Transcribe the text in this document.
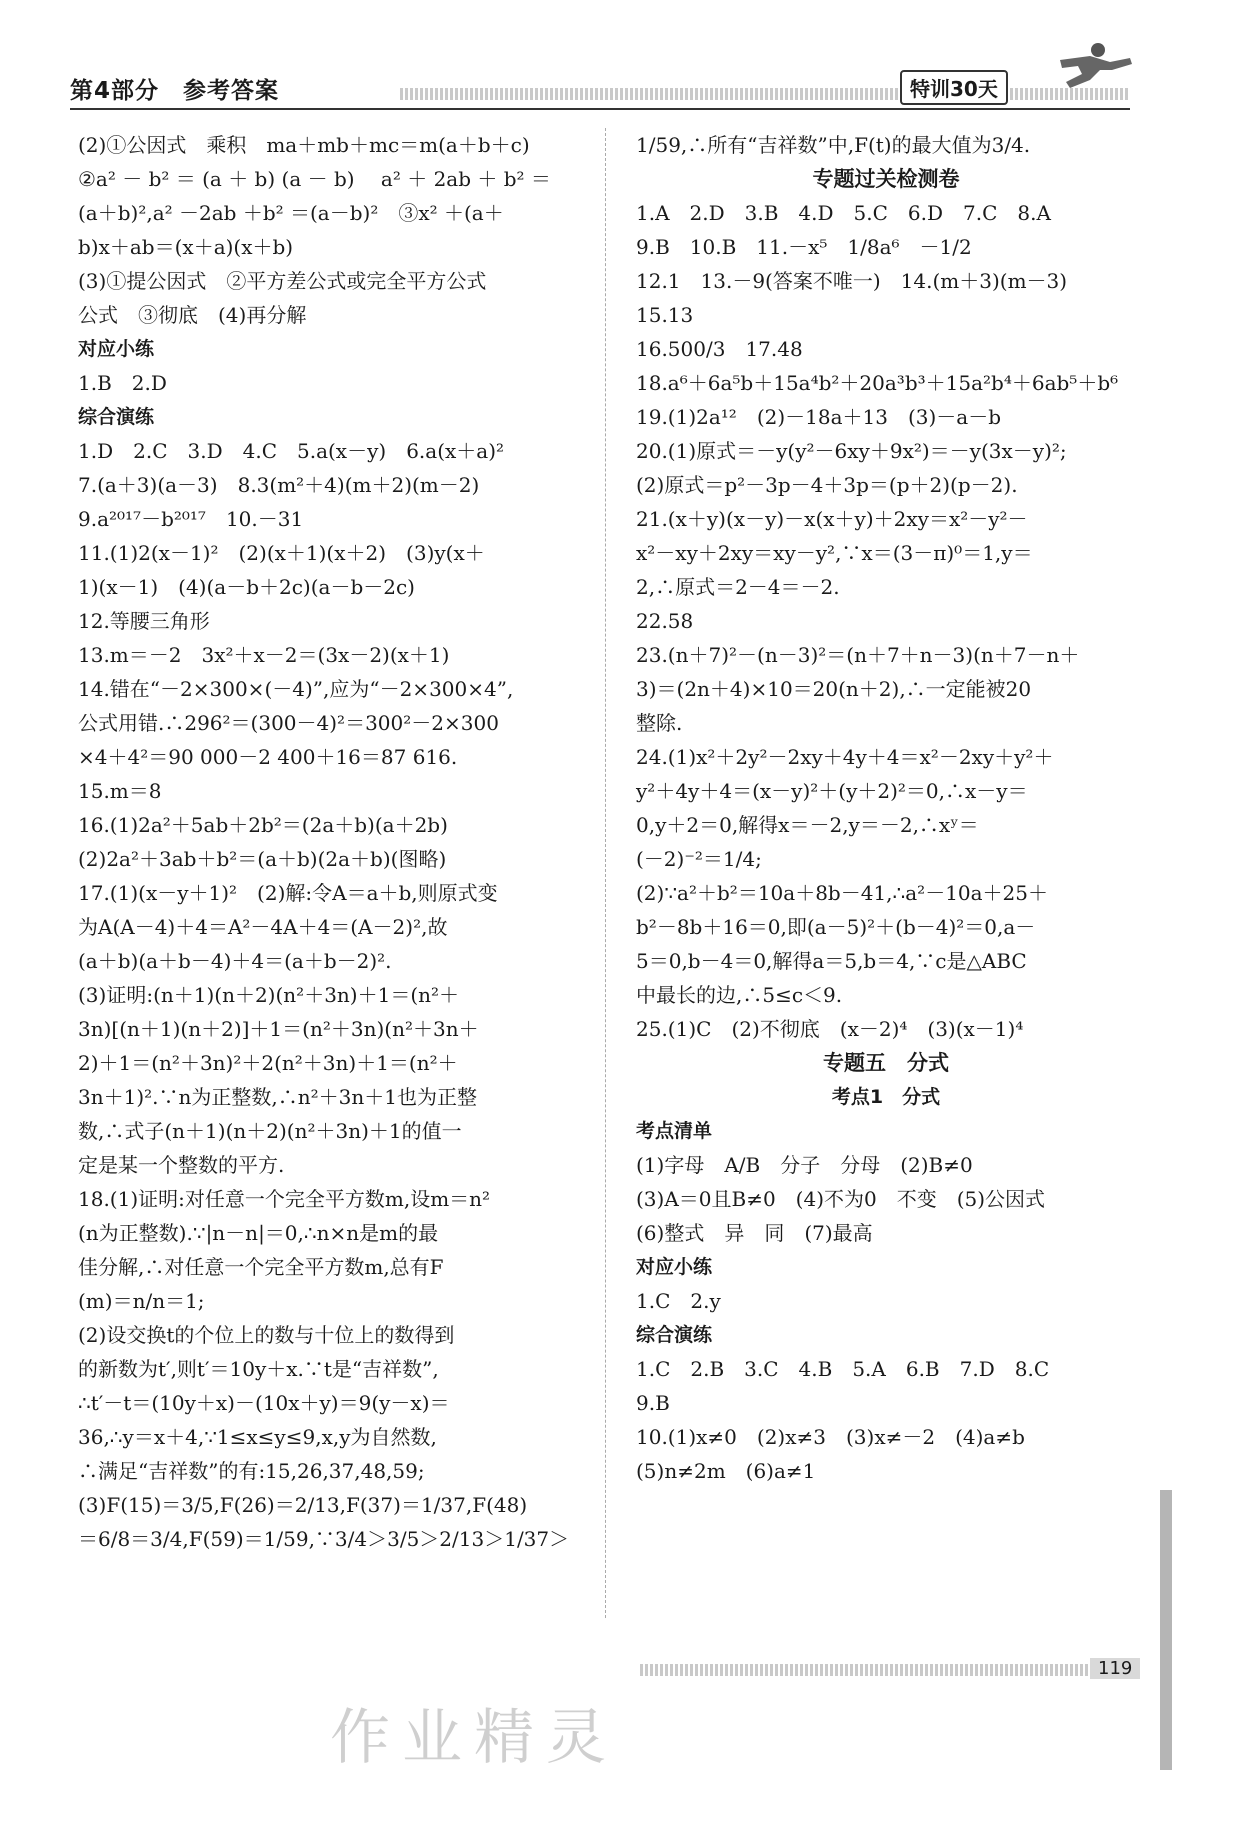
第4部分　参考答案	特训30天
(2)①公因式　乘积　ma＋mb＋mc＝m(a＋b＋c)
②a² － b² ＝ (a ＋ b) (a － b)　 a² ＋ 2ab ＋ b² ＝
(a＋b)²,a² －2ab ＋b² ＝(a－b)²　③x² ＋(a＋
b)x＋ab＝(x＋a)(x＋b)
(3)①提公因式　②平方差公式或完全平方公式
公式　③彻底　(4)再分解
对应小练
1.B　2.D
综合演练
1.D　2.C　3.D　4.C　5.a(x－y)　6.a(x＋a)²
7.(a＋3)(a－3)　8.3(m²＋4)(m＋2)(m－2)
9.a²⁰¹⁷－b²⁰¹⁷　10.－31
11.(1)2(x－1)²　(2)(x＋1)(x＋2)　(3)y(x＋
1)(x－1)　(4)(a－b＋2c)(a－b－2c)
12.等腰三角形
13.m＝－2　3x²＋x－2＝(3x－2)(x＋1)
14.错在“－2×300×(－4)”,应为“－2×300×4”,
公式用错.∴296²＝(300－4)²＝300²－2×300
×4＋4²＝90 000－2 400＋16＝87 616.
15.m＝8
16.(1)2a²＋5ab＋2b²＝(2a＋b)(a＋2b)
(2)2a²＋3ab＋b²＝(a＋b)(2a＋b)(图略)
17.(1)(x－y＋1)²　(2)解:令A＝a＋b,则原式变
为A(A－4)＋4＝A²－4A＋4＝(A－2)²,故
(a＋b)(a＋b－4)＋4＝(a＋b－2)².
(3)证明:(n＋1)(n＋2)(n²＋3n)＋1＝(n²＋
3n)[(n＋1)(n＋2)]＋1＝(n²＋3n)(n²＋3n＋
2)＋1＝(n²＋3n)²＋2(n²＋3n)＋1＝(n²＋
3n＋1)².∵n为正整数,∴n²＋3n＋1也为正整
数,∴式子(n＋1)(n＋2)(n²＋3n)＋1的值一
定是某一个整数的平方.
18.(1)证明:对任意一个完全平方数m,设m＝n²
(n为正整数).∵|n－n|＝0,∴n×n是m的最
佳分解,∴对任意一个完全平方数m,总有F
(m)＝n/n＝1;
(2)设交换t的个位上的数与十位上的数得到
的新数为t′,则t′＝10y＋x.∵t是“吉祥数”,
∴t′－t＝(10y＋x)－(10x＋y)＝9(y－x)＝
36,∴y＝x＋4,∵1≤x≤y≤9,x,y为自然数,
∴满足“吉祥数”的有:15,26,37,48,59;
(3)F(15)＝3/5,F(26)＝2/13,F(37)＝1/37,F(48)
＝6/8＝3/4,F(59)＝1/59,∵3/4＞3/5＞2/13＞1/37＞
1/59,∴所有“吉祥数”中,F(t)的最大值为3/4.
专题过关检测卷
1.A　2.D　3.B　4.D　5.C　6.D　7.C　8.A
9.B　10.B　11.－x⁵　1/8a⁶　－1/2
12.1　13.－9(答案不唯一)　14.(m＋3)(m－3)
15.13
16.500/3　17.48
18.a⁶＋6a⁵b＋15a⁴b²＋20a³b³＋15a²b⁴＋6ab⁵＋b⁶
19.(1)2a¹²　(2)－18a＋13　(3)－a－b
20.(1)原式＝－y(y²－6xy＋9x²)＝－y(3x－y)²;
(2)原式＝p²－3p－4＋3p＝(p＋2)(p－2).
21.(x＋y)(x－y)－x(x＋y)＋2xy＝x²－y²－
x²－xy＋2xy＝xy－y²,∵x＝(3－π)⁰＝1,y＝
2,∴原式＝2－4＝－2.
22.58
23.(n＋7)²－(n－3)²＝(n＋7＋n－3)(n＋7－n＋
3)＝(2n＋4)×10＝20(n＋2),∴一定能被20
整除.
24.(1)x²＋2y²－2xy＋4y＋4＝x²－2xy＋y²＋
y²＋4y＋4＝(x－y)²＋(y＋2)²＝0,∴x－y＝
0,y＋2＝0,解得x＝－2,y＝－2,∴xʸ＝
(－2)⁻²＝1/4;
(2)∵a²＋b²＝10a＋8b－41,∴a²－10a＋25＋
b²－8b＋16＝0,即(a－5)²＋(b－4)²＝0,a－
5＝0,b－4＝0,解得a＝5,b＝4,∵c是△ABC
中最长的边,∴5≤c＜9.
25.(1)C　(2)不彻底　(x－2)⁴　(3)(x－1)⁴
专题五　分式
考点1　分式
考点清单
(1)字母　A/B　分子　分母　(2)B≠0
(3)A＝0且B≠0　(4)不为0　不变　(5)公因式
(6)整式　异　同　(7)最高
对应小练
1.C　2.y
综合演练
1.C　2.B　3.C　4.B　5.A　6.B　7.D　8.C
9.B
10.(1)x≠0　(2)x≠3　(3)x≠－2　(4)a≠b
(5)n≠2m　(6)a≠1
作业精灵
119
